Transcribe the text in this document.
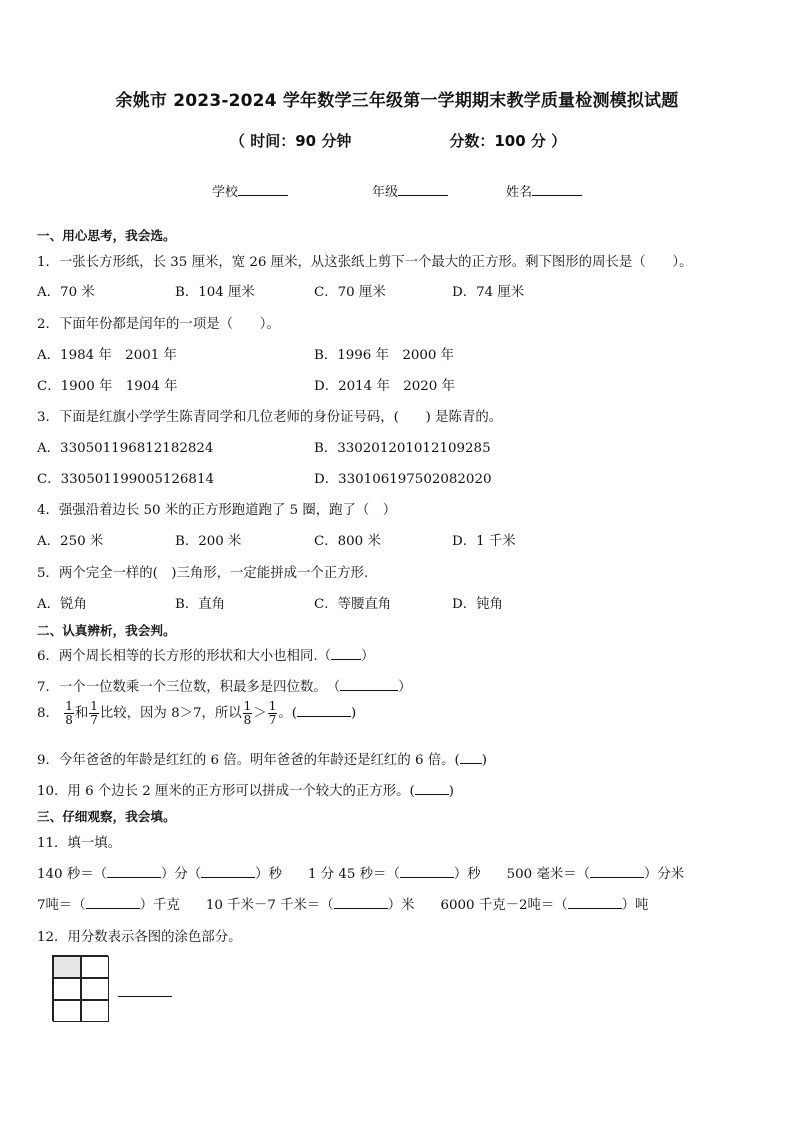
余姚市 2023-2024 学年数学三年级第一学期期末教学质量检测模拟试题
（ 时间：90 分钟	分数：100 分 ）
学校	年级	姓名
一、用心思考，我会选。
1．一张长方形纸，长 35 厘米，宽 26 厘米，从这张纸上剪下一个最大的正方形。剩下图形的周长是（　　）。
A．70 米	B．104 厘米	C．70 厘米	D．74 厘米
2．下面年份都是闰年的一项是（　　）。
A．1984 年　2001 年	B．1996 年　2000 年
C．1900 年　1904 年	D．2014 年　2020 年
3．下面是红旗小学学生陈青同学和几位老师的身份证号码，(　　) 是陈青的。
A．330501196812182824	B．330201201012109285
C．330501199005126814	D．330106197502082020
4．强强沿着边长 50 米的正方形跑道跑了 5 圈，跑了（　）
A．250 米	B．200 米	C．800 米	D．1 千米
5．两个完全一样的(　)三角形，一定能拼成一个正方形.
A．锐角	B．直角	C．等腰直角	D．钝角
二、认真辨析，我会判。
6．两个周长相等的长方形的形状和大小也相同.（ ）
7．一个一位数乘一个三位数，积最多是四位数。　（	）
8． $\frac{1}{8}$ 和 $\frac{1}{7}$ 比较，因为 8＞7，所以 $\frac{1}{8} > \frac{1}{7}$ 。(	)
9．今年爸爸的年龄是红红的 6 倍。明年爸爸的年龄还是红红的 6 倍。( )
10．用 6 个边长 2 厘米的正方形可以拼成一个较大的正方形。(	)
三、仔细观察，我会填。
11．填一填。
140 秒＝（	）分（	）秒 1 分 45 秒＝（	）秒 500 毫米＝（	）分米
7吨＝（	）千克 10 千米－7 千米＝（	）米 6000 千克－2吨＝（	）吨
12．用分数表示各图的涂色部分。
